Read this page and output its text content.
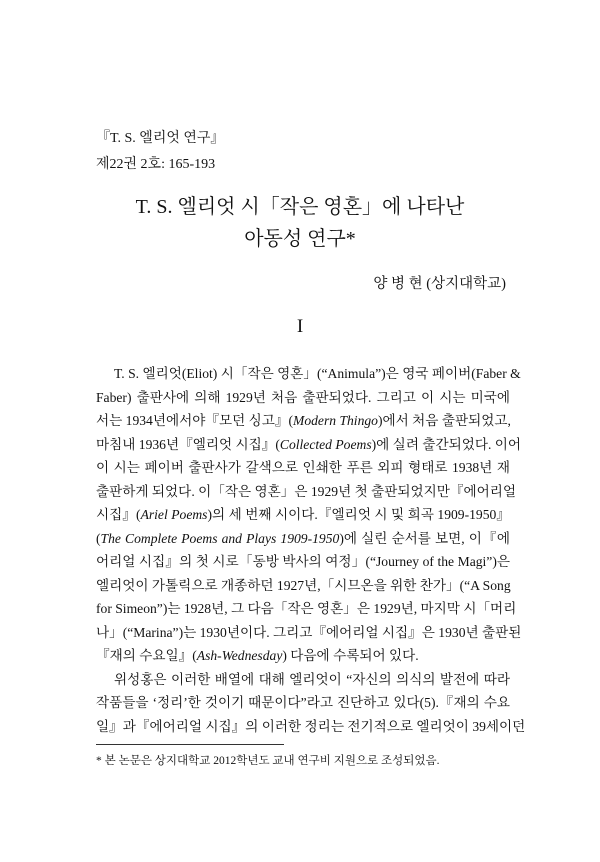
『T. S. 엘리엇 연구』
제22권 2호: 165-193
T. S. 엘리엇 시「작은 영혼」에 나타난
아동성 연구*
양 병 현 (상지대학교)
I
T. S. 엘리엇(Eliot) 시「작은 영혼」(“Animula”)은 영국 페이버(Faber &
Faber) 출판사에 의해 1929년 처음 출판되었다. 그리고 이 시는 미국에
서는 1934년에서야『모던 싱고』(Modern Thingo)에서 처음 출판되었고,
마침내 1936년『엘리엇 시집』(Collected Poems)에 실려 출간되었다. 이어
이 시는 페이버 출판사가 갈색으로 인쇄한 푸른 외피 형태로 1938년 재
출판하게 되었다. 이「작은 영혼」은 1929년 첫 출판되었지만『에어리얼
시집』(Ariel Poems)의 세 번째 시이다.『엘리엇 시 및 희곡 1909-1950』
(The Complete Poems and Plays 1909-1950)에 실린 순서를 보면, 이『에
어리얼 시집』의 첫 시로「동방 박사의 여정」(“Journey of the Magi”)은
엘리엇이 가톨릭으로 개종하던 1927년,「시므온을 위한 찬가」(“A Song
for Simeon”)는 1928년, 그 다음「작은 영혼」은 1929년, 마지막 시「머리
나」(“Marina”)는 1930년이다. 그리고『에어리얼 시집』은 1930년 출판된
『재의 수요일』(Ash-Wednesday) 다음에 수록되어 있다.
위성홍은 이러한 배열에 대해 엘리엇이 “자신의 의식의 발전에 따라
작품들을 ‘정리’한 것이기 때문이다”라고 진단하고 있다(5).『재의 수요
일』과『에어리얼 시집』의 이러한 정리는 전기적으로 엘리엇이 39세이던
* 본 논문은 상지대학교 2012학년도 교내 연구비 지원으로 조성되었음.
